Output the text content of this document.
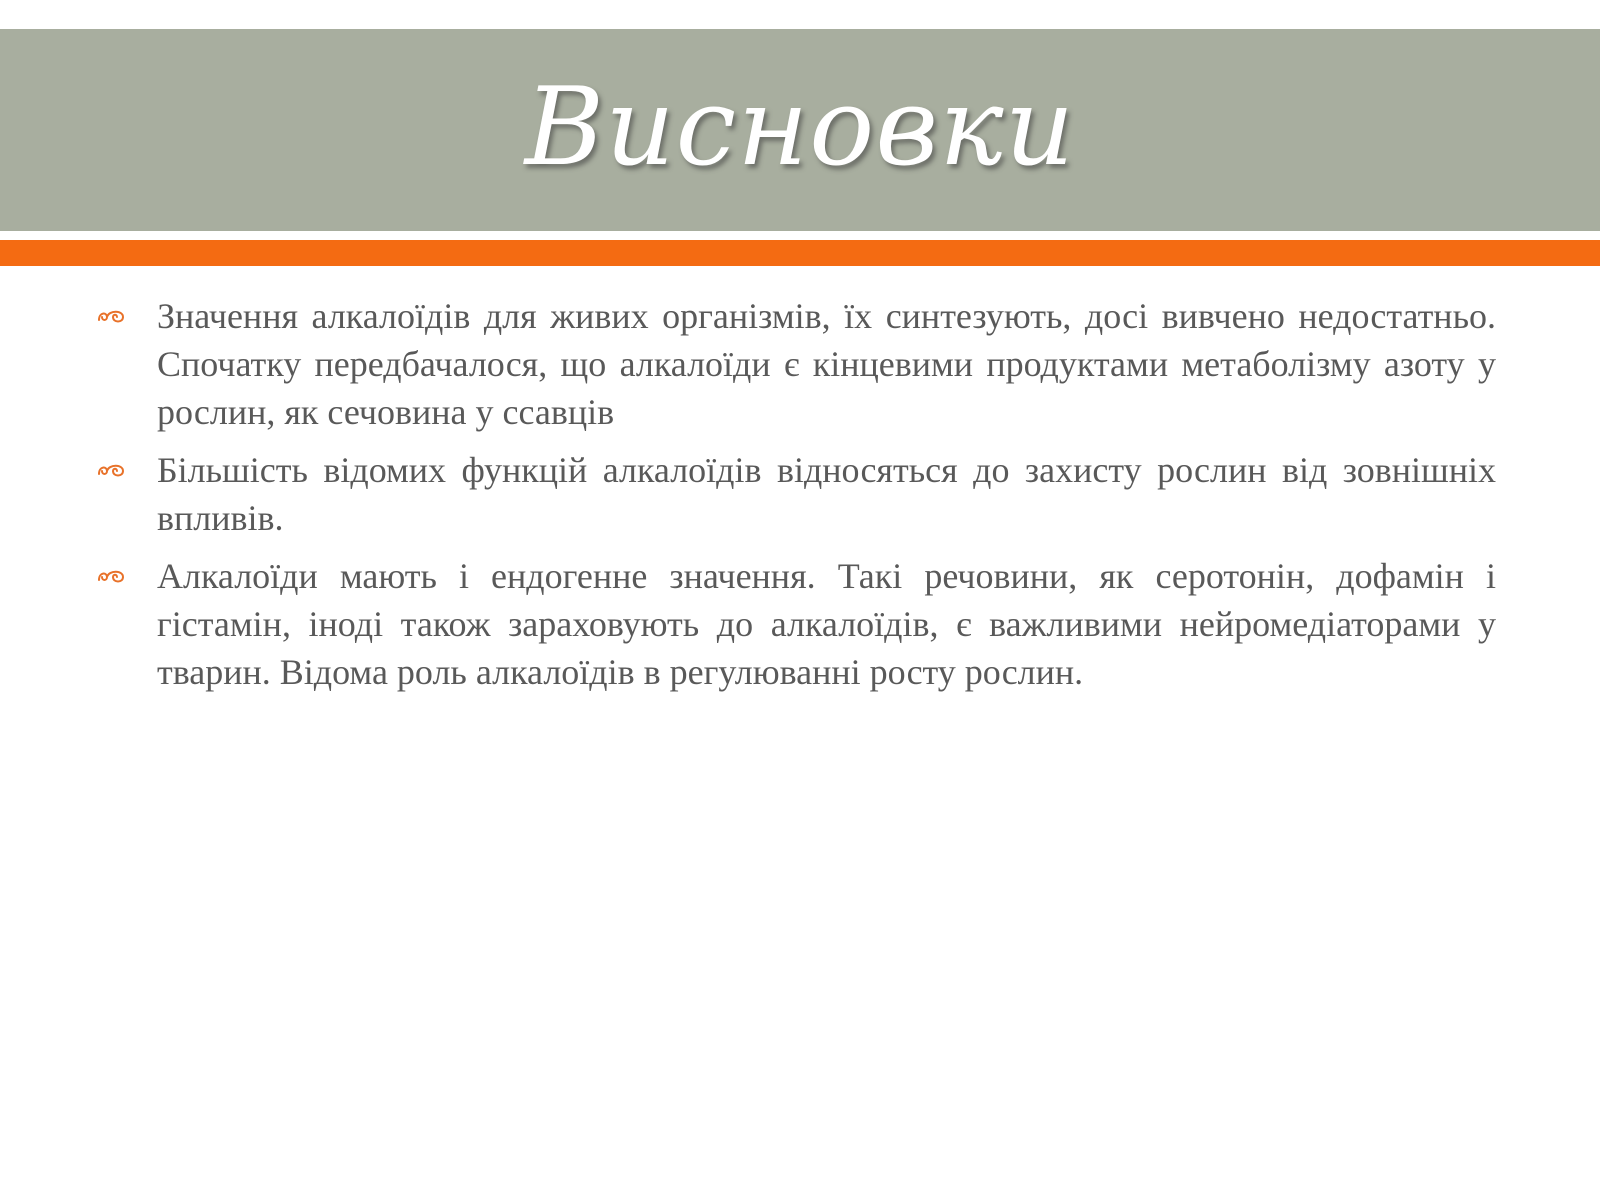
Висновки
Значення алкалоїдів для живих організмів, їх синтезують, досі вивчено недостатньо. Спочатку передбачалося, що алкалоїди є кінцевими продуктами метаболізму азоту у рослин, як сечовина у ссавців
Більшість відомих функцій алкалоїдів відносяться до захисту рослин від зовнішніх впливів.
Алкалоїди мають і ендогенне значення. Такі речовини, як серотонін, дофамін і гістамін, іноді також зараховують до алкалоїдів, є важливими нейромедіаторами у тварин. Відома роль алкалоїдів в регулюванні росту рослин.
